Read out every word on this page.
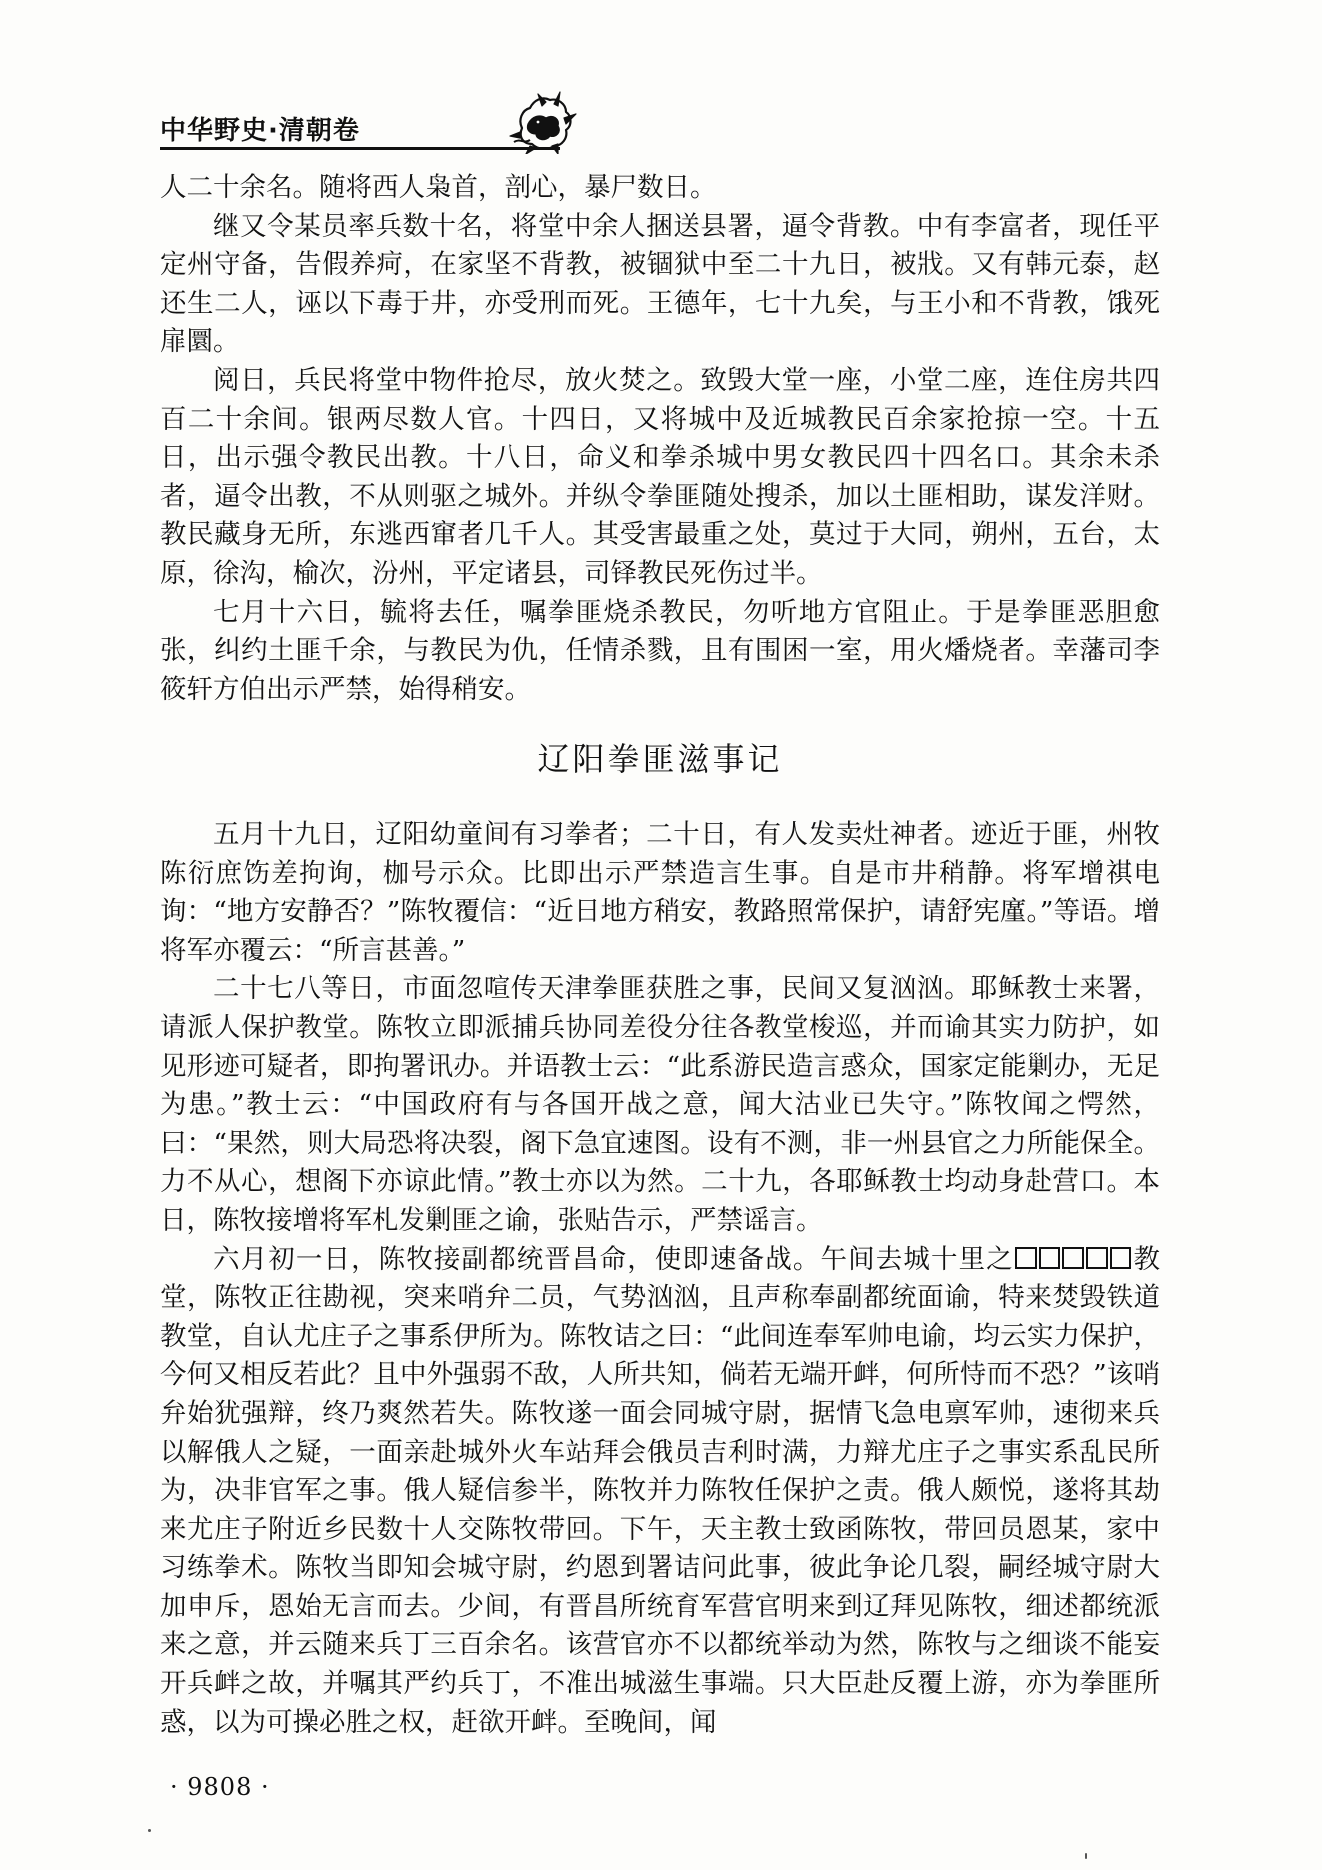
中华野史·清朝卷

人二十余名。随将西人枭首，剖心，暴尸数日。

继又令某员率兵数十名，将堂中余人捆送县署，逼令背教。中有李富者，现任平定州守备，告假养疴，在家坚不背教，被锢狱中至二十九日，被戕。又有韩元泰，赵还生二人，诬以下毒于井，亦受刑而死。王德年，七十九矣，与王小和不背教，饿死扉圜。

阅日，兵民将堂中物件抢尽，放火焚之。致毁大堂一座，小堂二座，连住房共四百二十余间。银两尽数人官。十四日，又将城中及近城教民百余家抢掠一空。十五日，出示强令教民出教。十八日，命义和拳杀城中男女教民四十四名口。其余未杀者，逼令出教，不从则驱之城外。并纵令拳匪随处搜杀，加以土匪相助，谋发洋财。教民藏身无所，东逃西窜者几千人。其受害最重之处，莫过于大同，朔州，五台，太原，徐沟，榆次，汾州，平定诸县，司铎教民死伤过半。

七月十六日，毓将去任，嘱拳匪烧杀教民，勿听地方官阻止。于是拳匪恶胆愈张，纠约土匪千余，与教民为仇，任情杀戮，且有围困一室，用火燔烧者。幸藩司李筱轩方伯出示严禁，始得稍安。

辽阳拳匪滋事记

五月十九日，辽阳幼童间有习拳者；二十日，有人发卖灶神者。迹近于匪，州牧陈衍庶饬差拘询，枷号示众。比即出示严禁造言生事。自是市井稍静。将军增祺电询：“地方安静否？”陈牧覆信：“近日地方稍安，教路照常保护，请舒宪廑。”等语。增将军亦覆云：“所言甚善。”

二十七八等日，市面忽喧传天津拳匪获胜之事，民间又复汹汹。耶稣教士来署，请派人保护教堂。陈牧立即派捕兵协同差役分往各教堂梭巡，并而谕其实力防护，如见形迹可疑者，即拘署讯办。并语教士云：“此系游民造言惑众，国家定能剿办，无足为患。”教士云：“中国政府有与各国开战之意，闻大沽业已失守。”陈牧闻之愕然，曰：“果然，则大局恐将决裂，阁下急宜速图。设有不测，非一州县官之力所能保全。力不从心，想阁下亦谅此情。”教士亦以为然。二十九，各耶稣教士均动身赴营口。本日，陈牧接增将军札发剿匪之谕，张贴告示，严禁谣言。

六月初一日，陈牧接副都统晋昌命，使即速备战。午间去城十里之	教堂，陈牧正往勘视，突来哨弁二员，气势汹汹，且声称奉副都统面谕，特来焚毁铁道教堂，自认尤庄子之事系伊所为。陈牧诘之曰：“此间连奉军帅电谕，均云实力保护，今何又相反若此？且中外强弱不敌，人所共知，倘若无端开衅，何所恃而不恐？”该哨弁始犹强辩，终乃爽然若失。陈牧遂一面会同城守尉，据情飞急电禀军帅，速彻来兵以解俄人之疑，一面亲赴城外火车站拜会俄员吉利时满，力辩尤庄子之事实系乱民所为，决非官军之事。俄人疑信参半，陈牧并力陈牧任保护之责。俄人颇悦，遂将其劫来尤庄子附近乡民数十人交陈牧带回。下午，天主教士致函陈牧，带回员恩某，家中习练拳术。陈牧当即知会城守尉，约恩到署诘问此事，彼此争论几裂，嗣经城守尉大加申斥，恩始无言而去。少间，有晋昌所统育军营官明来到辽拜见陈牧，细述都统派来之意，并云随来兵丁三百余名。该营官亦不以都统举动为然，陈牧与之细谈不能妄开兵衅之故，并嘱其严约兵丁，不准出城滋生事端。只大臣赴反覆上游，亦为拳匪所惑，以为可操必胜之权，赶欲开衅。至晚间，闻

· 9808 ·
